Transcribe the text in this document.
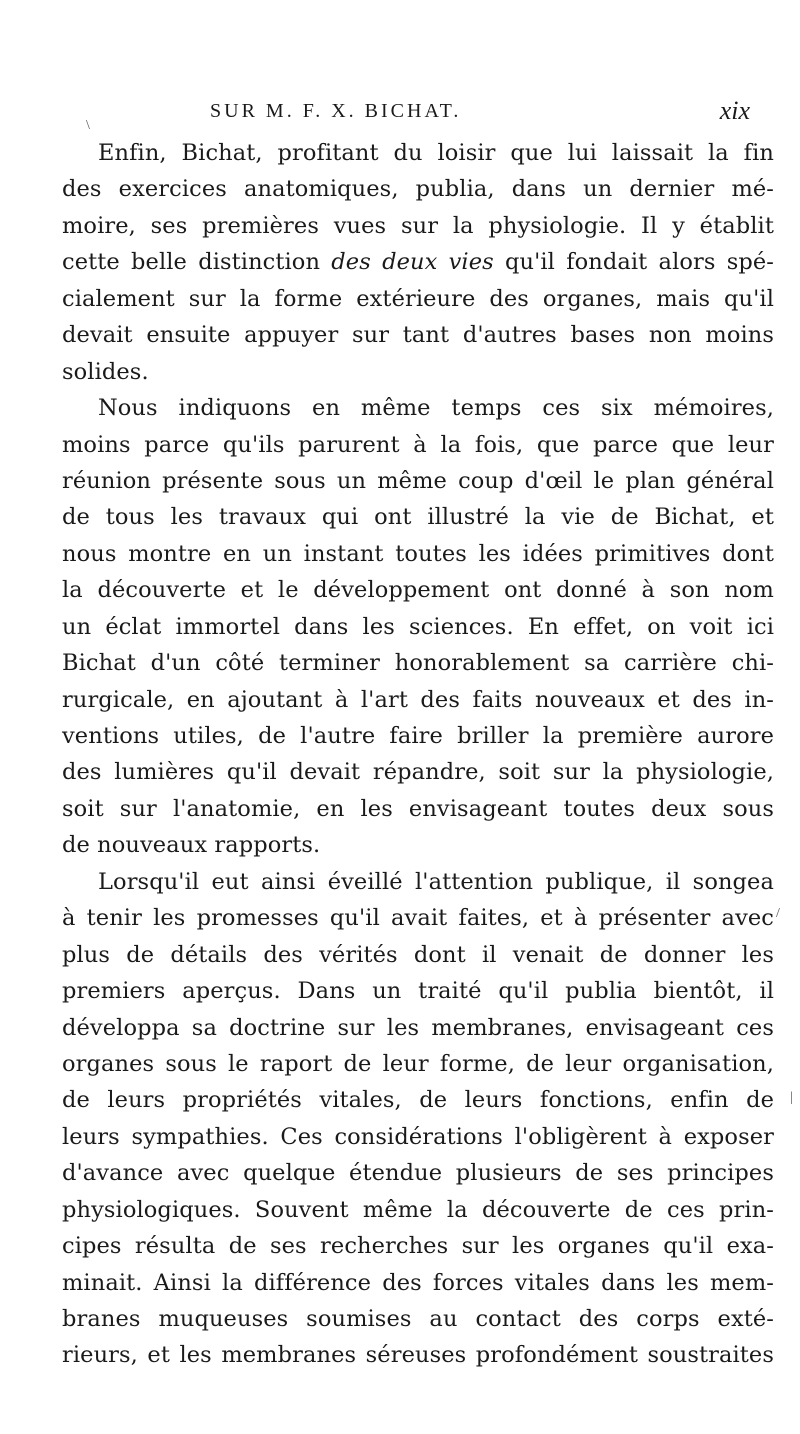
SUR M. F. X. BICHAT.	xix
\
/
|
Enfin, Bichat, profitant du loisir que lui laissait la fin
des exercices anatomiques, publia, dans un dernier mé-
moire, ses premières vues sur la physiologie. Il y établit
cette belle distinction des deux vies qu'il fondait alors spé-
cialement sur la forme extérieure des organes, mais qu'il
devait ensuite appuyer sur tant d'autres bases non moins
solides.
Nous indiquons en même temps ces six mémoires,
moins parce qu'ils parurent à la fois, que parce que leur
réunion présente sous un même coup d'œil le plan général
de tous les travaux qui ont illustré la vie de Bichat, et
nous montre en un instant toutes les idées primitives dont
la découverte et le développement ont donné à son nom
un éclat immortel dans les sciences. En effet, on voit ici
Bichat d'un côté terminer honorablement sa carrière chi-
rurgicale, en ajoutant à l'art des faits nouveaux et des in-
ventions utiles, de l'autre faire briller la première aurore
des lumières qu'il devait répandre, soit sur la physiologie,
soit sur l'anatomie, en les envisageant toutes deux sous
de nouveaux rapports.
Lorsqu'il eut ainsi éveillé l'attention publique, il songea
à tenir les promesses qu'il avait faites, et à présenter avec
plus de détails des vérités dont il venait de donner les
premiers aperçus. Dans un traité qu'il publia bientôt, il
développa sa doctrine sur les membranes, envisageant ces
organes sous le raport de leur forme, de leur organisation,
de leurs propriétés vitales, de leurs fonctions, enfin de
leurs sympathies. Ces considérations l'obligèrent à exposer
d'avance avec quelque étendue plusieurs de ses principes
physiologiques. Souvent même la découverte de ces prin-
cipes résulta de ses recherches sur les organes qu'il exa-
minait. Ainsi la différence des forces vitales dans les mem-
branes muqueuses soumises au contact des corps exté-
rieurs, et les membranes séreuses profondément soustraites
